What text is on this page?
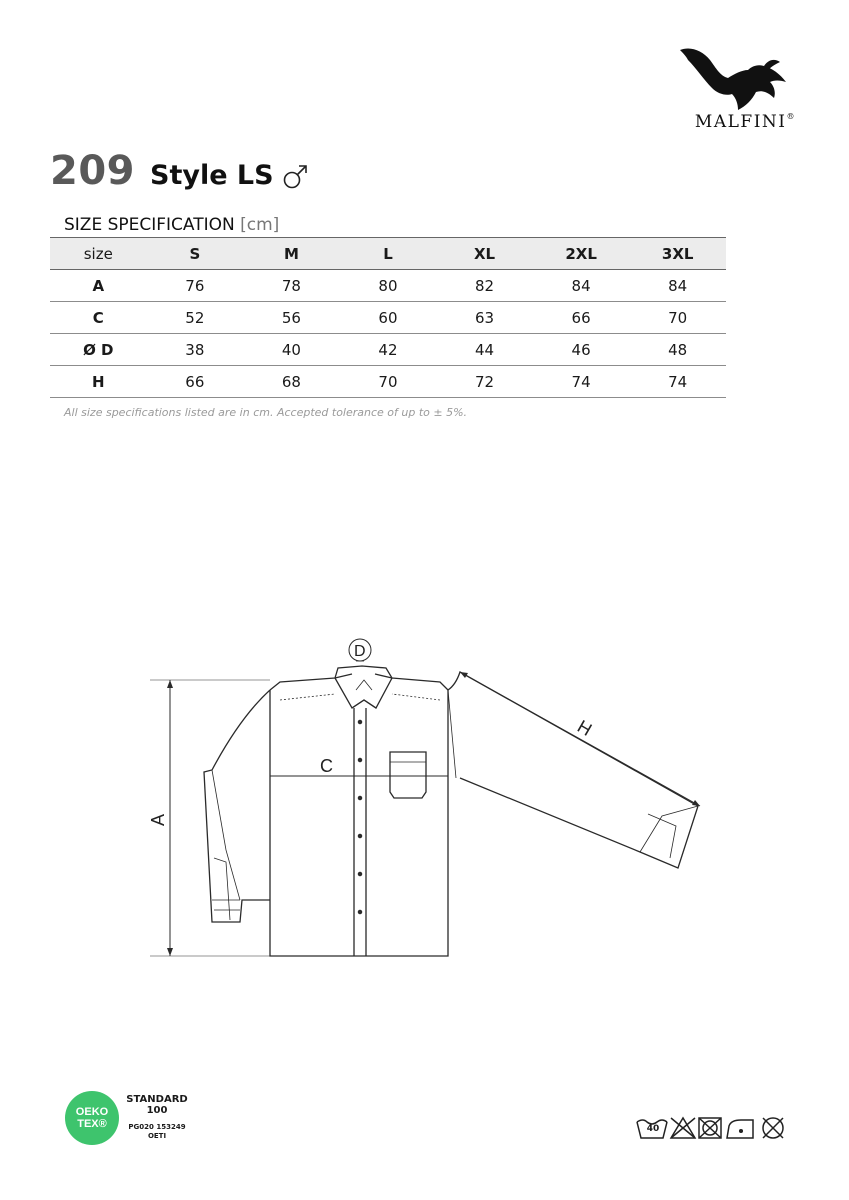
MALFINI®
209 Style LS
SIZE SPECIFICATION [cm]
size	S	M	L	XL	2XL	3XL
A	76	78	80	82	84	84
C	52	56	60	63	66	70
Ø D	38	40	42	44	46	48
H	66	68	70	72	74	74
All size specifications listed are in cm. Accepted tolerance of up to ± 5%.
C
A
H
D
OEKO
TEX®
STANDARD
100
PG020 153249
OETI
40
